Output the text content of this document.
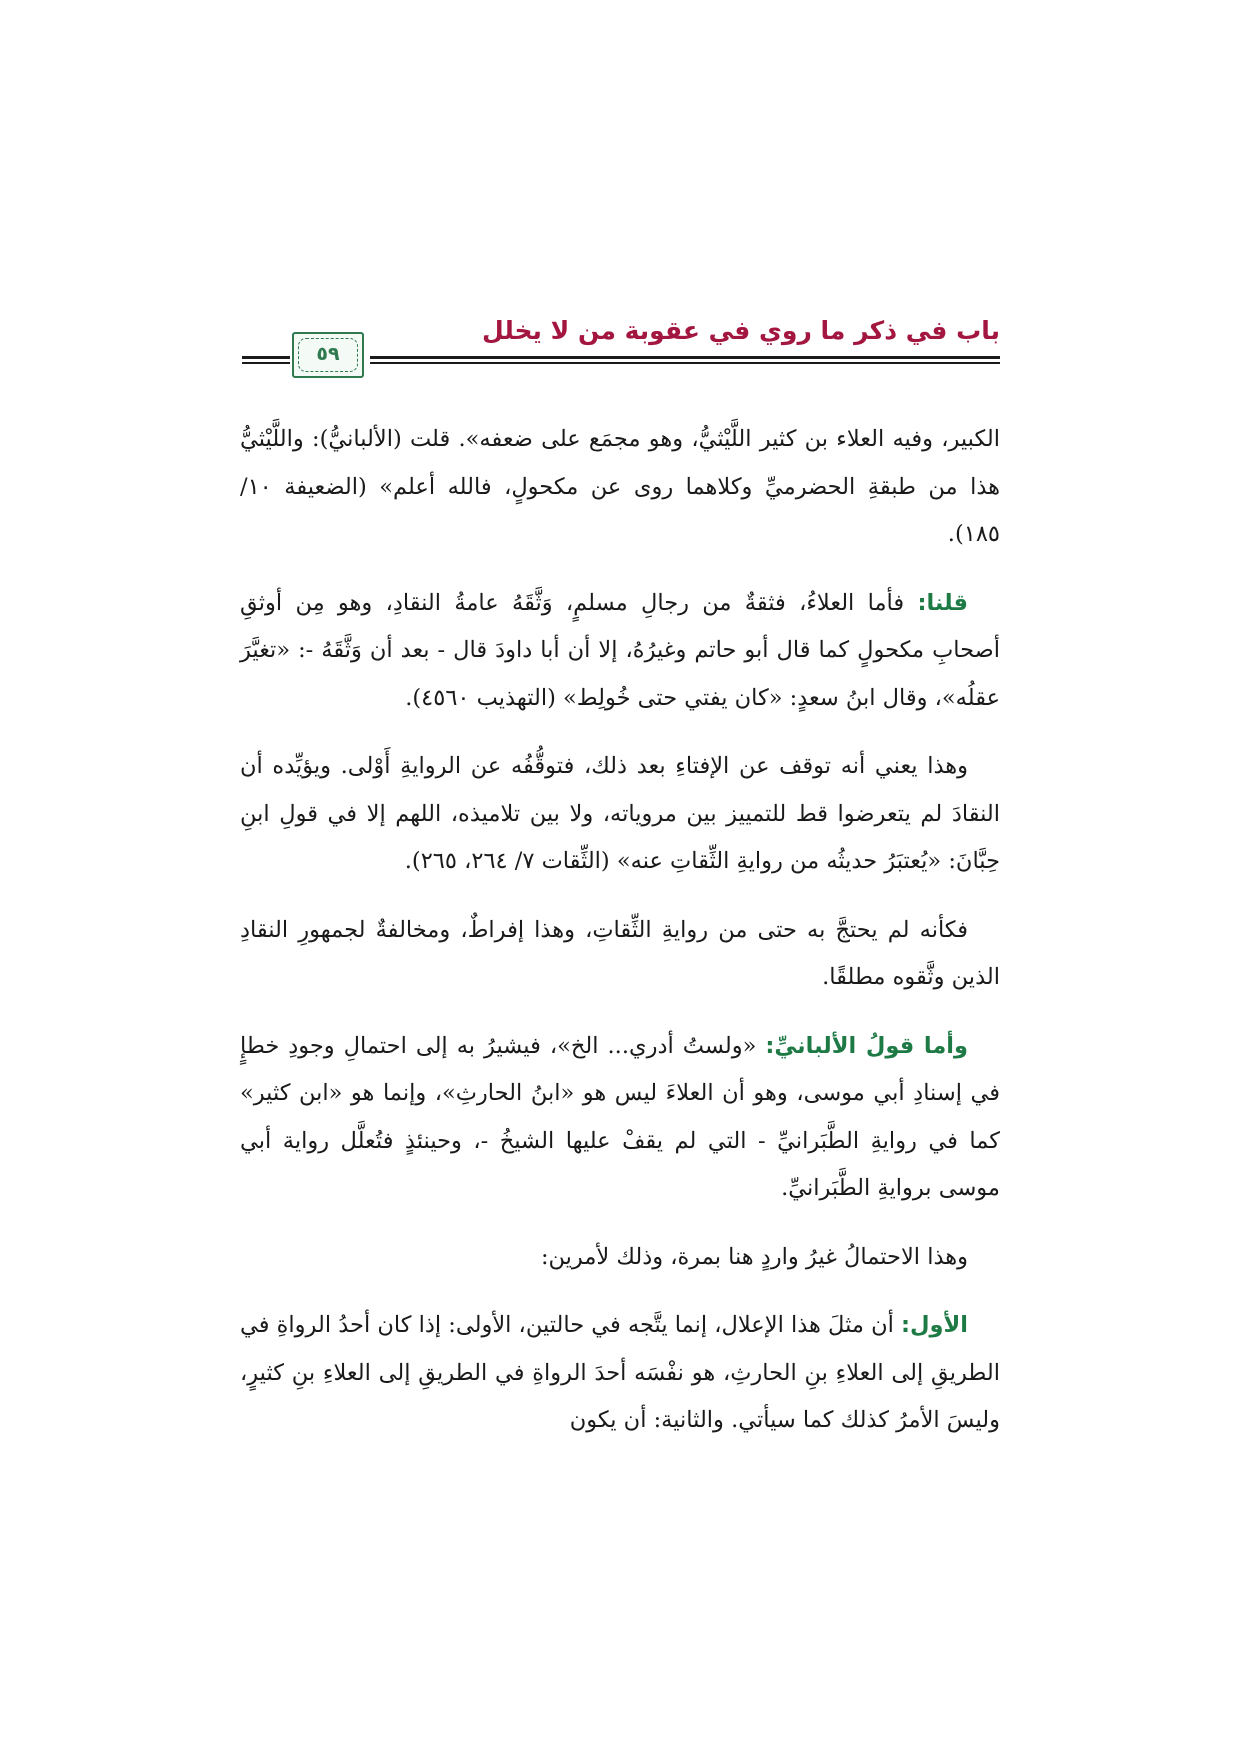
باب في ذكر ما روي في عقوبة من لا يخلل
٥٩

الكبير، وفيه العلاء بن كثير اللَّيْثيُّ، وهو مجمَع على ضعفه». قلت (الألبانيُّ): واللَّيْثيُّ هذا من طبقةِ الحضرميِّ وكلاهما روى عن مكحولٍ، فالله أعلم» (الضعيفة ١٠/ ١٨٥).

قلنا: فأما العلاءُ، فثقةٌ من رجالِ مسلمٍ، وَثَّقَهُ عامةُ النقادِ، وهو مِن أوثقِ أصحابِ مكحولٍ كما قال أبو حاتم وغيرُهُ، إلا أن أبا داودَ قال - بعد أن وَثَّقَهُ -: «تغيَّرَ عقلُه»، وقال ابنُ سعدٍ: «كان يفتي حتى خُولِط» (التهذيب ٤٥٦٠).

وهذا يعني أنه توقف عن الإفتاءِ بعد ذلك، فتوقُّفُه عن الروايةِ أَوْلى. ويؤيِّده أن النقادَ لم يتعرضوا قط للتمييز بين مروياته، ولا بين تلاميذه، اللهم إلا في قولِ ابنِ حِبَّانَ: «يُعتبَرُ حديثُه من روايةِ الثِّقاتِ عنه» (الثِّقات ٧/ ٢٦٤، ٢٦٥).

فكأنه لم يحتجَّ به حتى من روايةِ الثِّقاتِ، وهذا إفراطٌ، ومخالفةٌ لجمهورِ النقادِ الذين وثَّقوه مطلقًا.

وأما قولُ الألبانيِّ: «ولستُ أدري... الخ»، فيشيرُ به إلى احتمالِ وجودِ خطإٍ في إسنادِ أبي موسى، وهو أن العلاءَ ليس هو «ابنُ الحارثِ»، وإنما هو «ابن كثير» كما في روايةِ الطَّبَرانيِّ - التي لم يقفْ عليها الشيخُ -، وحينئذٍ فتُعلَّل رواية أبي موسى بروايةِ الطَّبَرانيِّ.

وهذا الاحتمالُ غيرُ واردٍ هنا بمرة، وذلك لأمرين:

الأول: أن مثلَ هذا الإعلال، إنما يتَّجه في حالتين، الأولى: إذا كان أحدُ الرواةِ في الطريقِ إلى العلاءِ بنِ الحارثِ، هو نفْسَه أحدَ الرواةِ في الطريقِ إلى العلاءِ بنِ كثيرٍ، وليسَ الأمرُ كذلك كما سيأتي. والثانية: أن يكون
